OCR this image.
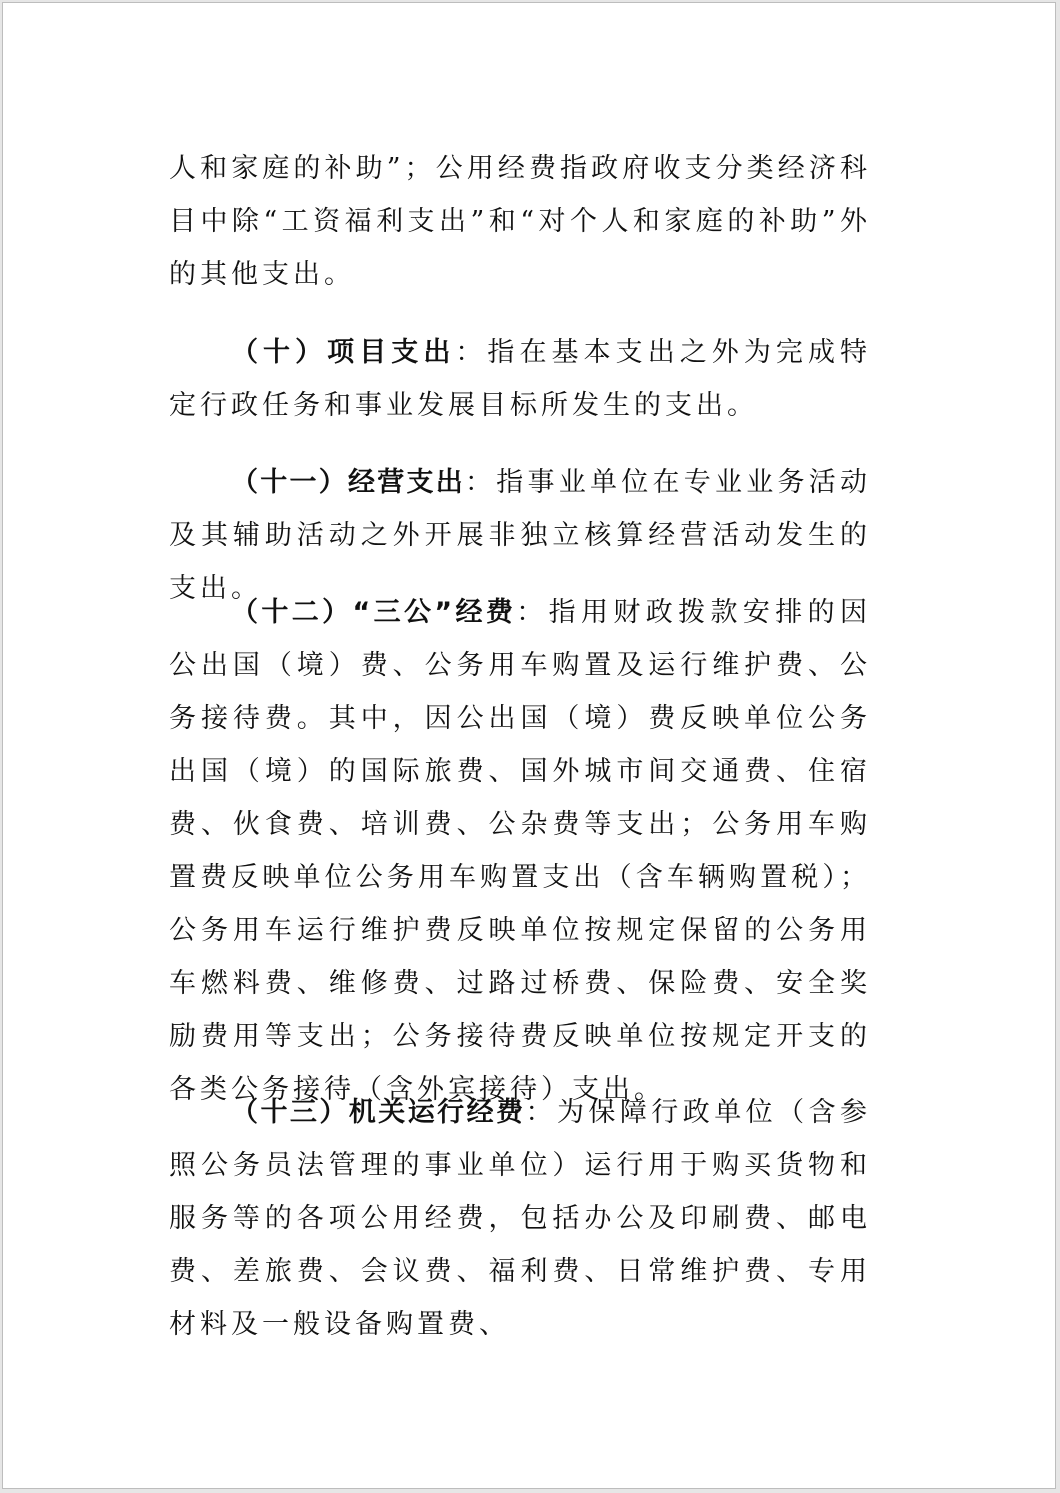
人和家庭的补助”；公用经费指政府收支分类经济科目中除“工资福利支出”和“对个人和家庭的补助”外的其他支出。

（十）项目支出：指在基本支出之外为完成特定行政任务和事业发展目标所发生的支出。

（十一）经营支出：指事业单位在专业业务活动及其辅助活动之外开展非独立核算经营活动发生的支出。

（十二）“三公”经费：指用财政拨款安排的因公出国（境）费、公务用车购置及运行维护费、公务接待费。其中，因公出国（境）费反映单位公务出国（境）的国际旅费、国外城市间交通费、住宿费、伙食费、培训费、公杂费等支出；公务用车购置费反映单位公务用车购置支出（含车辆购置税）；公务用车运行维护费反映单位按规定保留的公务用车燃料费、维修费、过路过桥费、保险费、安全奖励费用等支出；公务接待费反映单位按规定开支的各类公务接待（含外宾接待）支出。

（十三）机关运行经费：为保障行政单位（含参照公务员法管理的事业单位）运行用于购买货物和服务等的各项公用经费，包括办公及印刷费、邮电费、差旅费、会议费、福利费、日常维护费、专用材料及一般设备购置费、
